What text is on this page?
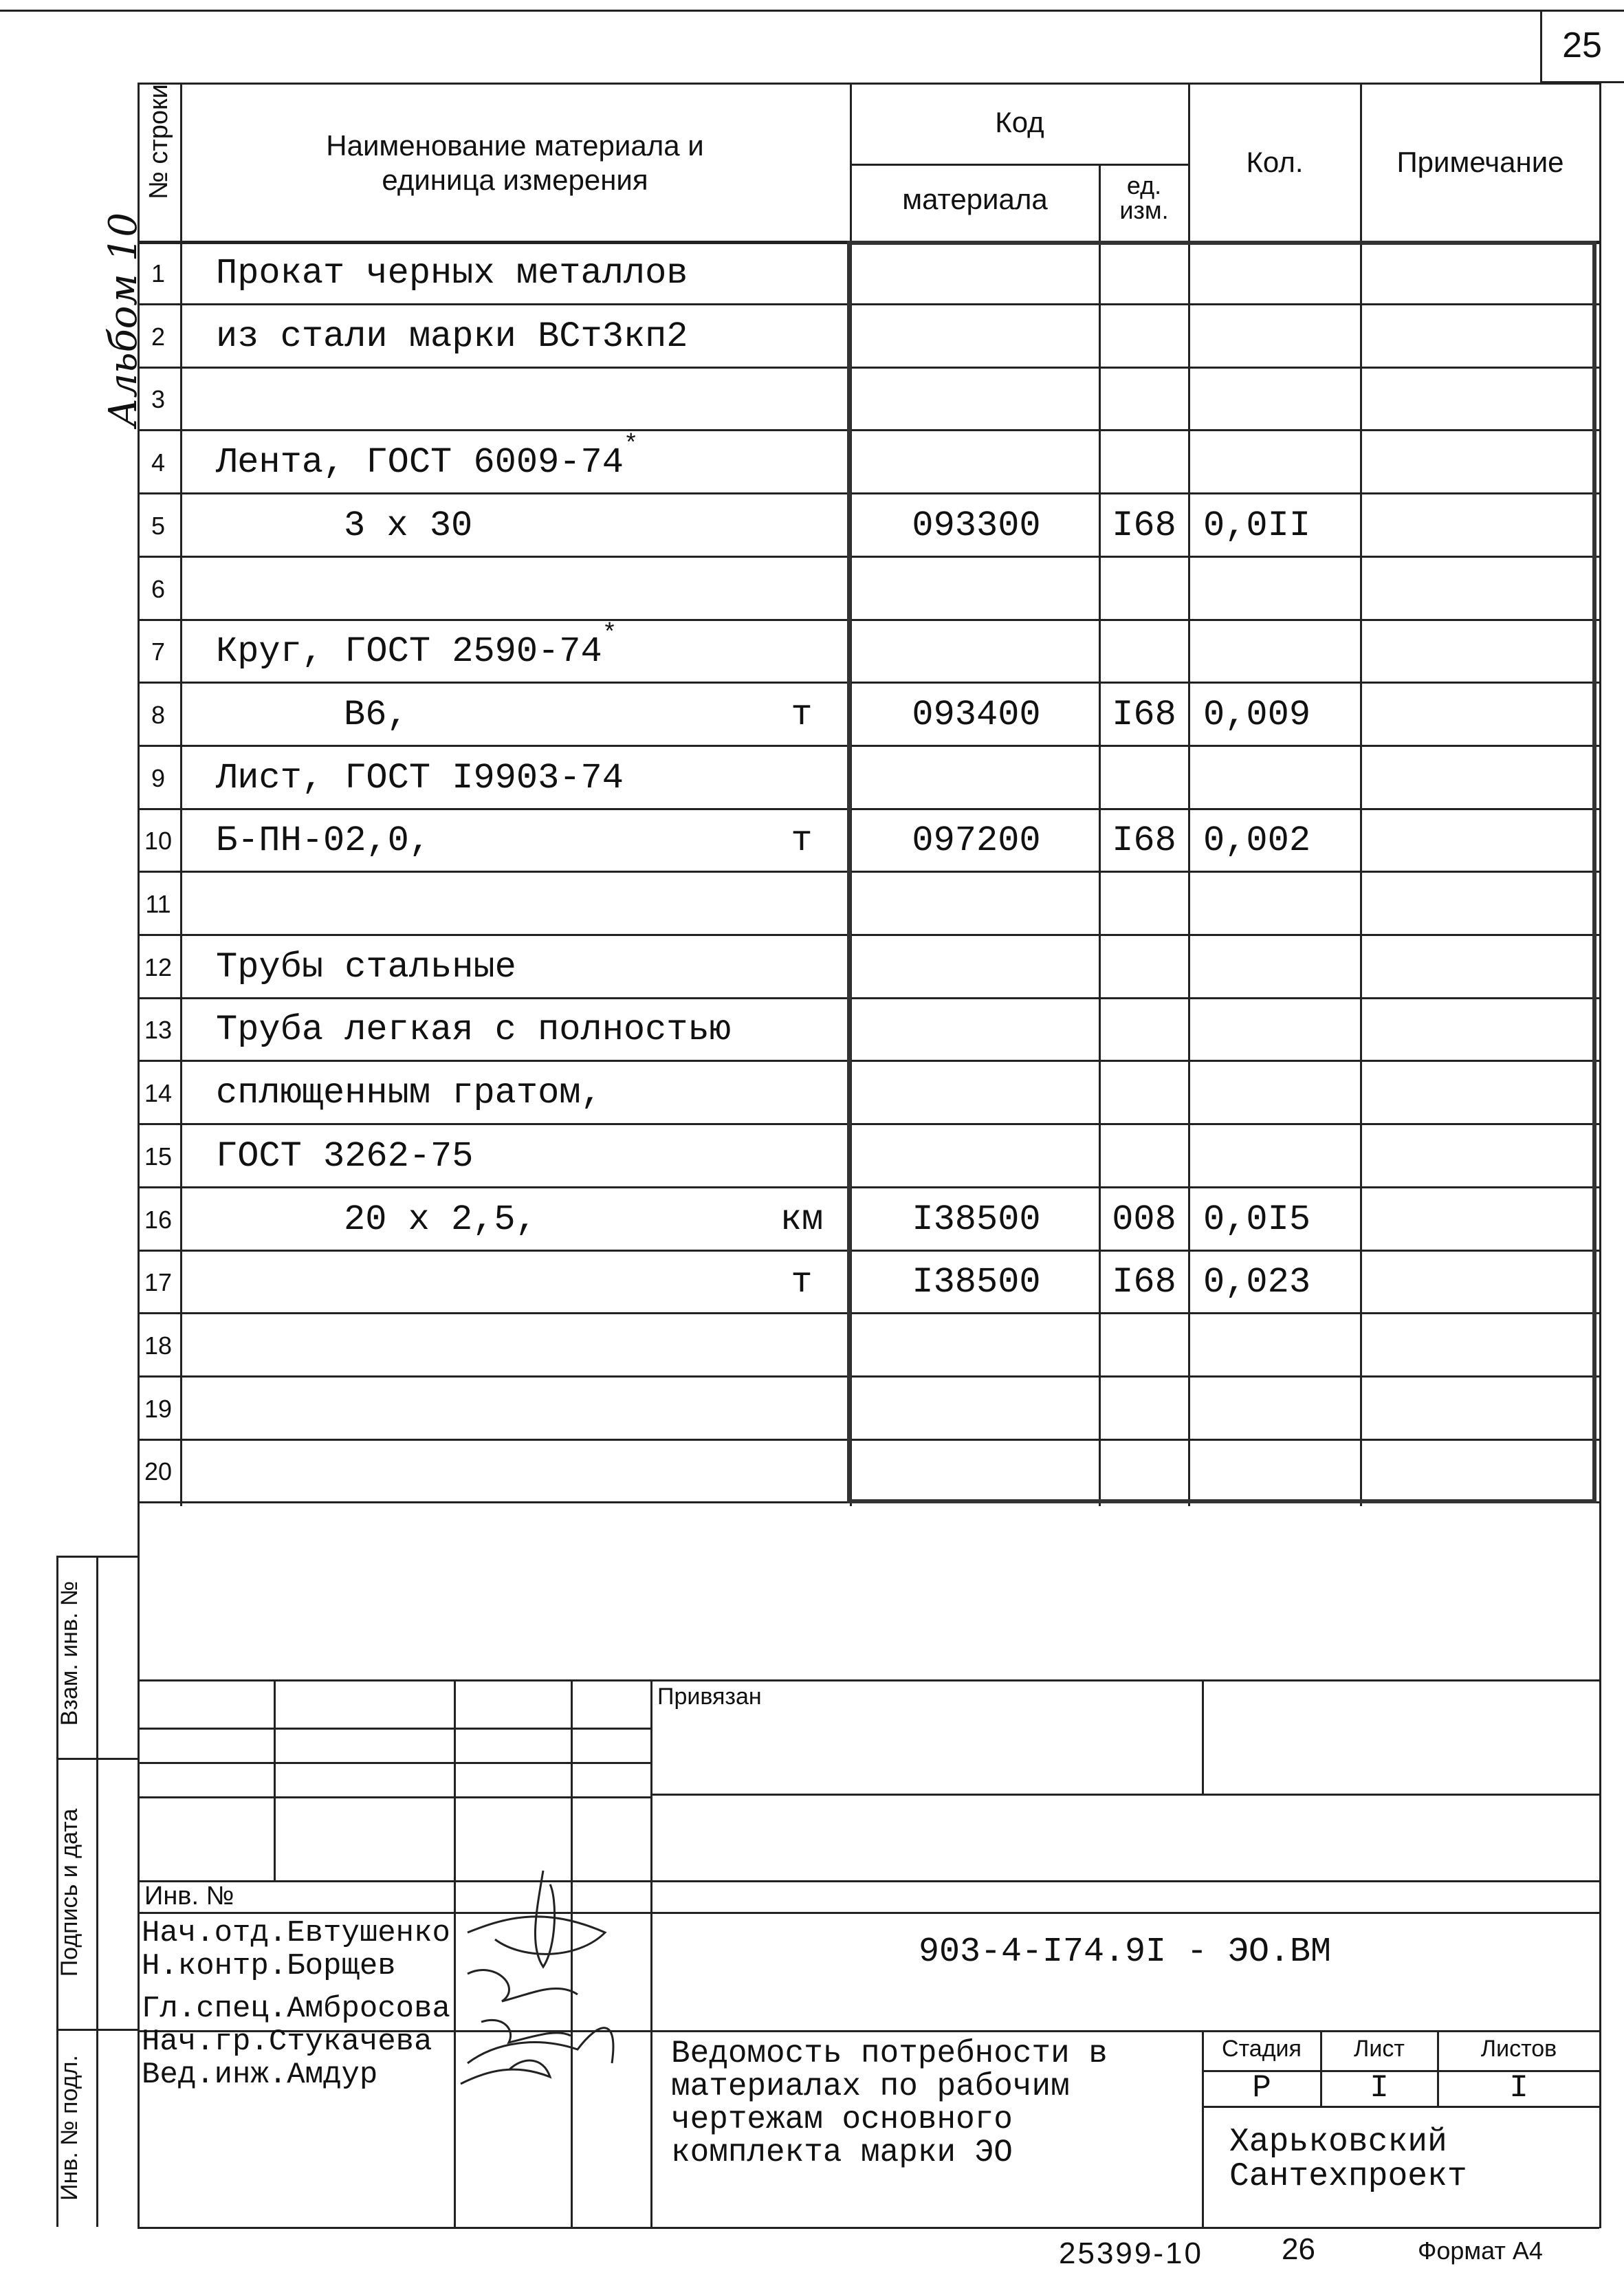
25
Альбом 10
№ строки	Наименование материала и
единица измерения
Код
материала	ед.
изм.
Кол.	Примечание
1	Прокат черных металлов
2	из стали марки ВСт3кп2
3
4	Лента, ГОСТ 6009-74 *
5	3 x 30	093300	I68 0,0II
6
7	Круг, ГОСТ 2590-74 *
8	В6,	т	093400	I68 0,009
9	Лист, ГОСТ I9903-74
10 Б-ПН-02,0,	т	097200	I68 0,002
11
12 Трубы стальные
13 Труба легкая с полностью
14 сплющенным гратом,
15 ГОСТ 3262-75
16	20 x 2,5,	км	I38500	008 0,0I5
17	т	I38500	I68 0,023
18
19
20
Взам. инв. №
Подпись и дата
Инв. № подл.
Привязан
Инв. №
Нач.отд.Евтушенко
Н.контр.Борщев
Гл.спец.Амбросова
Нач.гр.Стукачева
Вед.инж.Амдур
903-4-I74.9I - ЭО.ВМ
Ведомость потребности в
материалах по рабочим
чертежам основного
комплекта марки ЭО
Стадия	Лист	Листов
Р	I	I
Харьковский
Сантехпроект
25399-10	26	Формат А4
